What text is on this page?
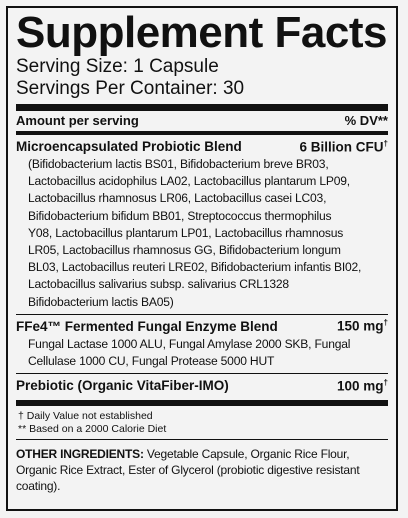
Supplement Facts
Serving Size: 1 Capsule
Servings Per Container: 30
Amount per serving	% DV**
Microencapsulated Probiotic Blend	6 Billion CFU†
(Bifidobacterium lactis BS01, Bifidobacterium breve BR03,
Lactobacillus acidophilus LA02, Lactobacillus plantarum LP09,
Lactobacillus rhamnosus LR06, Lactobacillus casei LC03,
Bifidobacterium bifidum BB01, Streptococcus thermophilus
Y08, Lactobacillus plantarum LP01, Lactobacillus rhamnosus
LR05, Lactobacillus rhamnosus GG, Bifidobacterium longum
BL03, Lactobacillus reuteri LRE02, Bifidobacterium infantis BI02,
Lactobacillus salivarius subsp. salivarius CRL1328
Bifidobacterium lactis BA05)
FFe4™ Fermented Fungal Enzyme Blend	150 mg†
Fungal Lactase 1000 ALU, Fungal Amylase 2000 SKB, Fungal
Cellulase 1000 CU, Fungal Protease 5000 HUT
Prebiotic (Organic VitaFiber-IMO)	100 mg†
† Daily Value not established
** Based on a 2000 Calorie Diet
OTHER INGREDIENTS: Vegetable Capsule, Organic Rice Flour, Organic Rice Extract, Ester of Glycerol (probiotic digestive resistant coating).
